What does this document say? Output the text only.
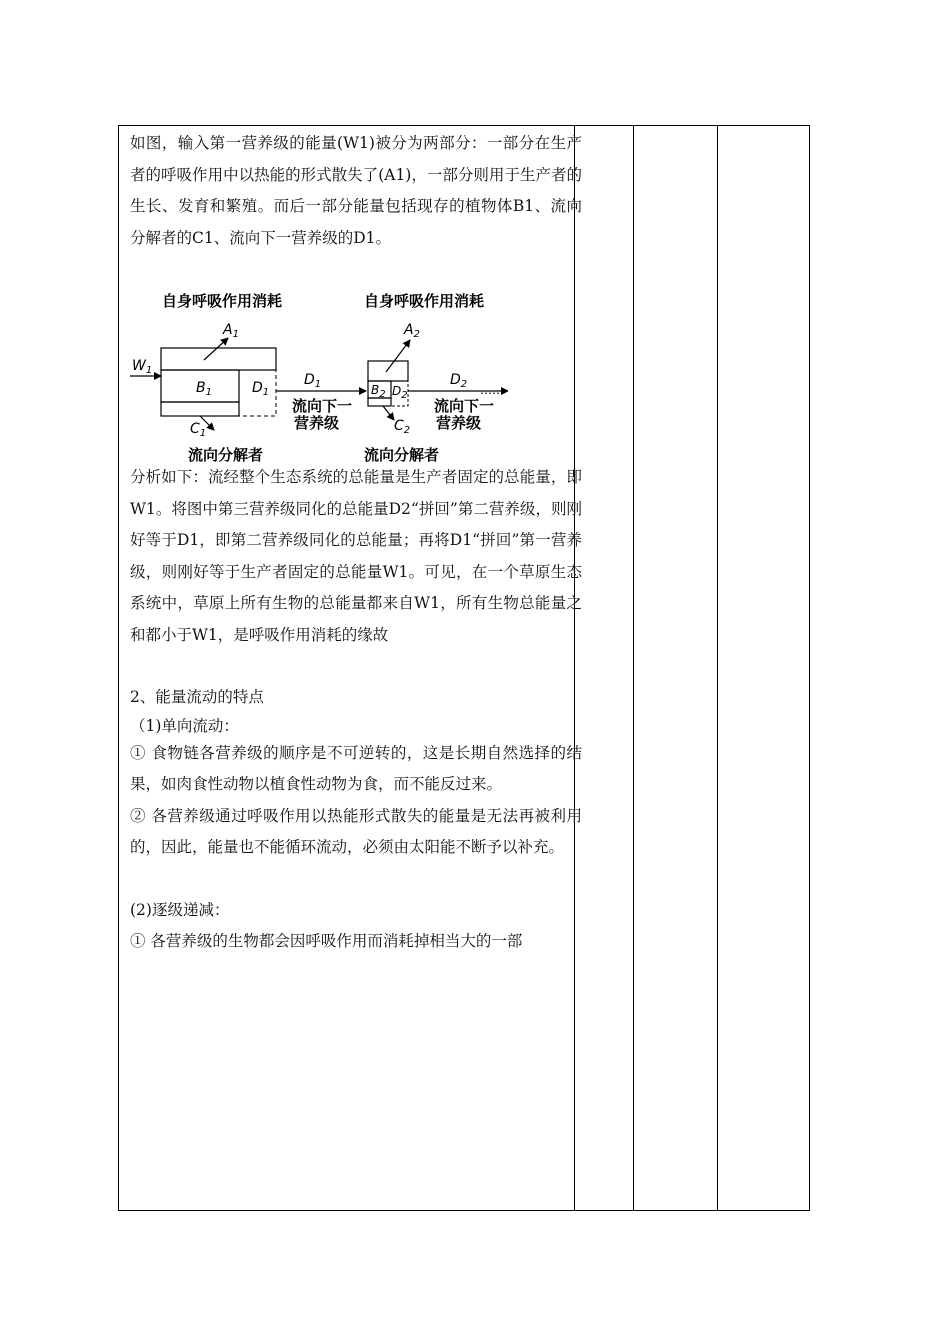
如图，输入第一营养级的能量(W1)被分为两部分：一部分在生产者的呼吸作用中以热能的形式散失了(A1)，一部分则用于生产者的生长、发育和繁殖。而后一部分能量包括现存的植物体B1、流向分解者的C1、流向下一营养级的D1。

分析如下：流经整个生态系统的总能量是生产者固定的总能量，即W1。将图中第三营养级同化的总能量D2“拼回”第二营养级，则刚好等于D1，即第二营养级同化的总能量；再将D1“拼回”第一营养级，则刚好等于生产者固定的总能量W1。可见，在一个草原生态系统中，草原上所有生物的总能量都来自W1，所有生物总能量之和都小于W1，是呼吸作用消耗的缘故

2、能量流动的特点

（1)单向流动：

① 食物链各营养级的顺序是不可逆转的，这是长期自然选择的结果，如肉食性动物以植食性动物为食，而不能反过来。

② 各营养级通过呼吸作用以热能形式散失的能量是无法再被利用的，因此，能量也不能循环流动，必须由太阳能不断予以补充。

(2)逐级递减：

① 各营养级的生物都会因呼吸作用而消耗掉相当大的一部

自身呼吸作用消耗	自身呼吸作用消耗
$W_1$
$A_1$
$B_1$	$D_1$
$C_1$
流向分解者
$D_1$
流向下一
营养级
$A_2$
$B_2$ $D_2$
$C_2$
流向分解者
$D_2$ ……
流向下一
营养级
